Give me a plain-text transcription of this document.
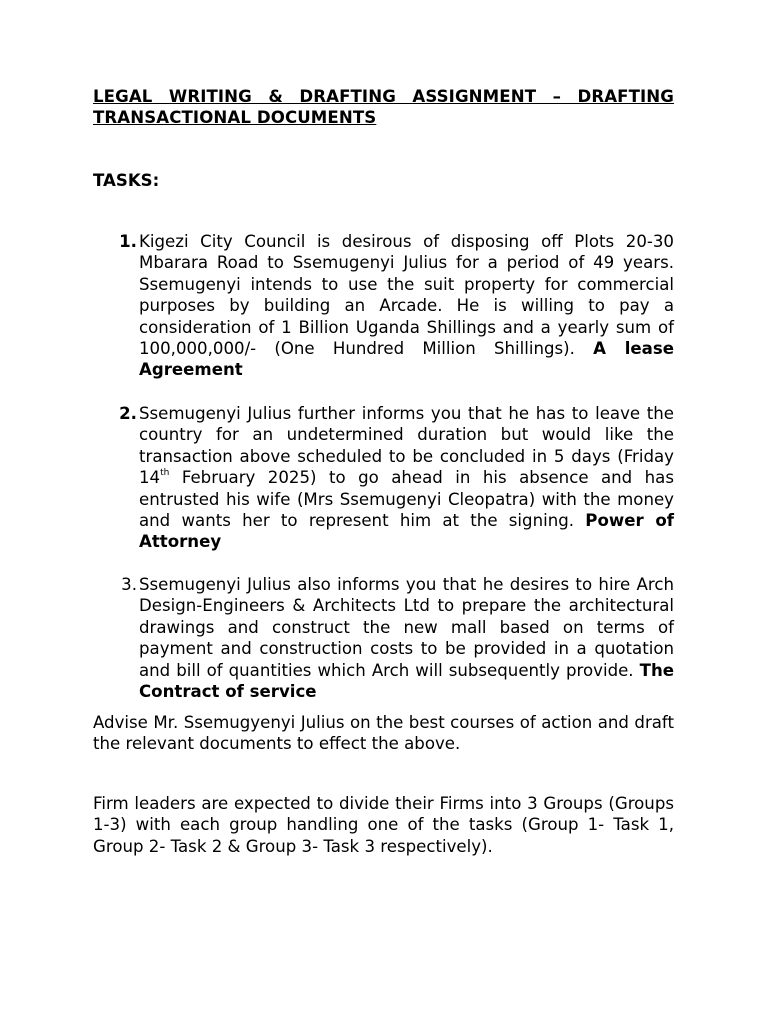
LEGAL WRITING & DRAFTING ASSIGNMENT – DRAFTING TRANSACTIONAL DOCUMENTS
TASKS:
1. Kigezi City Council is desirous of disposing off Plots 20-30 Mbarara Road to Ssemugenyi Julius for a period of 49 years. Ssemugenyi intends to use the suit property for commercial purposes by building an Arcade. He is willing to pay a consideration of 1 Billion Uganda Shillings and a yearly sum of 100,000,000/- (One Hundred Million Shillings). A lease Agreement
2. Ssemugenyi Julius further informs you that he has to leave the country for an undetermined duration but would like the transaction above scheduled to be concluded in 5 days (Friday 14th February 2025) to go ahead in his absence and has entrusted his wife (Mrs Ssemugenyi Cleopatra) with the money and wants her to represent him at the signing. Power of Attorney
3. Ssemugenyi Julius also informs you that he desires to hire Arch Design-Engineers & Architects Ltd to prepare the architectural drawings and construct the new mall based on terms of payment and construction costs to be provided in a quotation and bill of quantities which Arch will subsequently provide. The Contract of service
Advise Mr. Ssemugyenyi Julius on the best courses of action and draft the relevant documents to effect the above.
Firm leaders are expected to divide their Firms into 3 Groups (Groups 1-3) with each group handling one of the tasks (Group 1- Task 1, Group 2- Task 2 & Group 3- Task 3 respectively).
